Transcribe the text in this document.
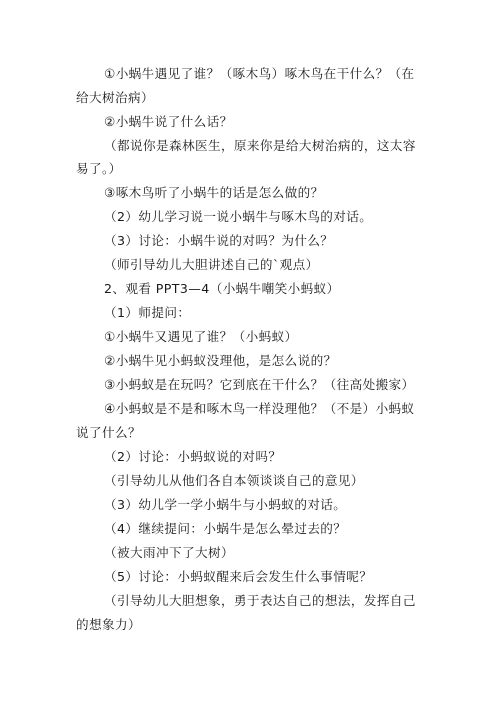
①小蜗牛遇见了谁？（啄木鸟）啄木鸟在干什么？（在
给大树治病）
②小蜗牛说了什么话？
（都说你是森林医生，原来你是给大树治病的，这太容
易了。）
③啄木鸟听了小蜗牛的话是怎么做的？
（2）幼儿学习说一说小蜗牛与啄木鸟的对话。
（3）讨论：小蜗牛说的对吗？为什么？
（师引导幼儿大胆讲述自己的`观点）
2、观看 PPT3—4（小蜗牛嘲笑小蚂蚁）
（1）师提问：
①小蜗牛又遇见了谁？（小蚂蚁）
②小蜗牛见小蚂蚁没理他，是怎么说的？
③小蚂蚁是在玩吗？它到底在干什么？（往高处搬家）
④小蚂蚁是不是和啄木鸟一样没理他？（不是）小蚂蚁
说了什么？
（2）讨论：小蚂蚁说的对吗？
（引导幼儿从他们各自本领谈谈自己的意见）
（3）幼儿学一学小蜗牛与小蚂蚁的对话。
（4）继续提问：小蜗牛是怎么晕过去的？
（被大雨冲下了大树）
（5）讨论：小蚂蚁醒来后会发生什么事情呢？
（引导幼儿大胆想象，勇于表达自己的想法，发挥自己
的想象力）
